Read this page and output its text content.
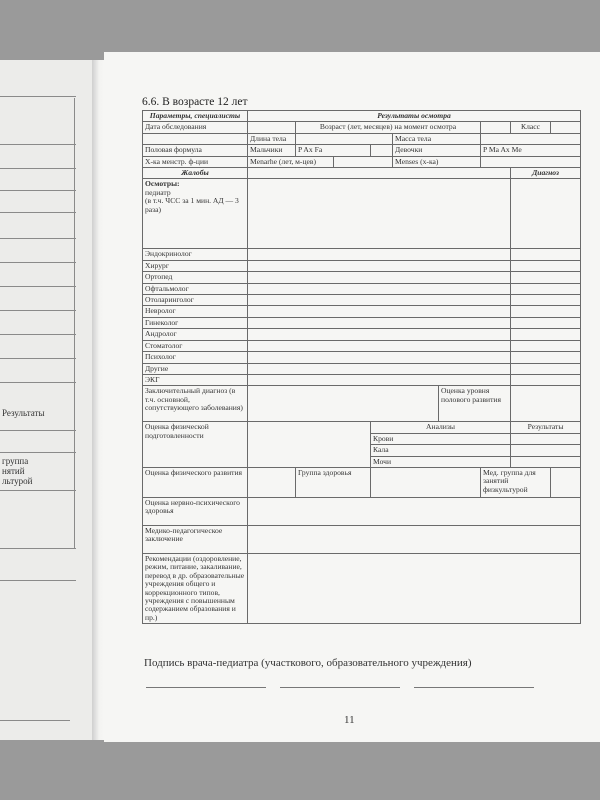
Результаты
группа
нятий
льтурой
6.6. В возрасте 12 лет
Параметры, специалисты	Результаты осмотра								
Дата обследования		Возраст (лет, месяцев) на момент осмотра						Класс	
	Длина тела				Масса тела				
Половая формула	Мальчики	P Ax Fa			Девочки		P Ma Ax Me		
Х-ка менстр. ф-ции	Menarhe (лет, м-цев)				Menses (х-ка)				
Жалобы								Диагноз	

Осмотры:
педиатр
(в т.ч. ЧСС за 1 мин. АД — 3 раза)									

Эндокринолог									
Хирург									
Ортопед									
Офтальмолог									
Отоларинголог									
Невролог									
Гинеколог									
Андролог									
Стоматолог									
Психолог									
Другие									
ЭКГ									
Заключительный диагноз (в т.ч. основной, сопутствующего заболевания)						Оценка уровня полового развития			
Оценка физической подготовленности				Анализы				Результаты	
				Крови					
				Кала					
				Мочи					
Оценка физического развития		Группа здоровья					Мед. группа для занятий физкультурой		
Оценка нервно-психического здоровья									
Медико-педагогическое заключение									
Рекомендации (оздоровление, режим, питание, закаливание, перевод в др. образовательные учреждения общего и коррекционного типов, учреждения с повышенным содержанием образования и пр.)									
Подпись врача-педиатра (участкового, образовательного учреждения)
11
